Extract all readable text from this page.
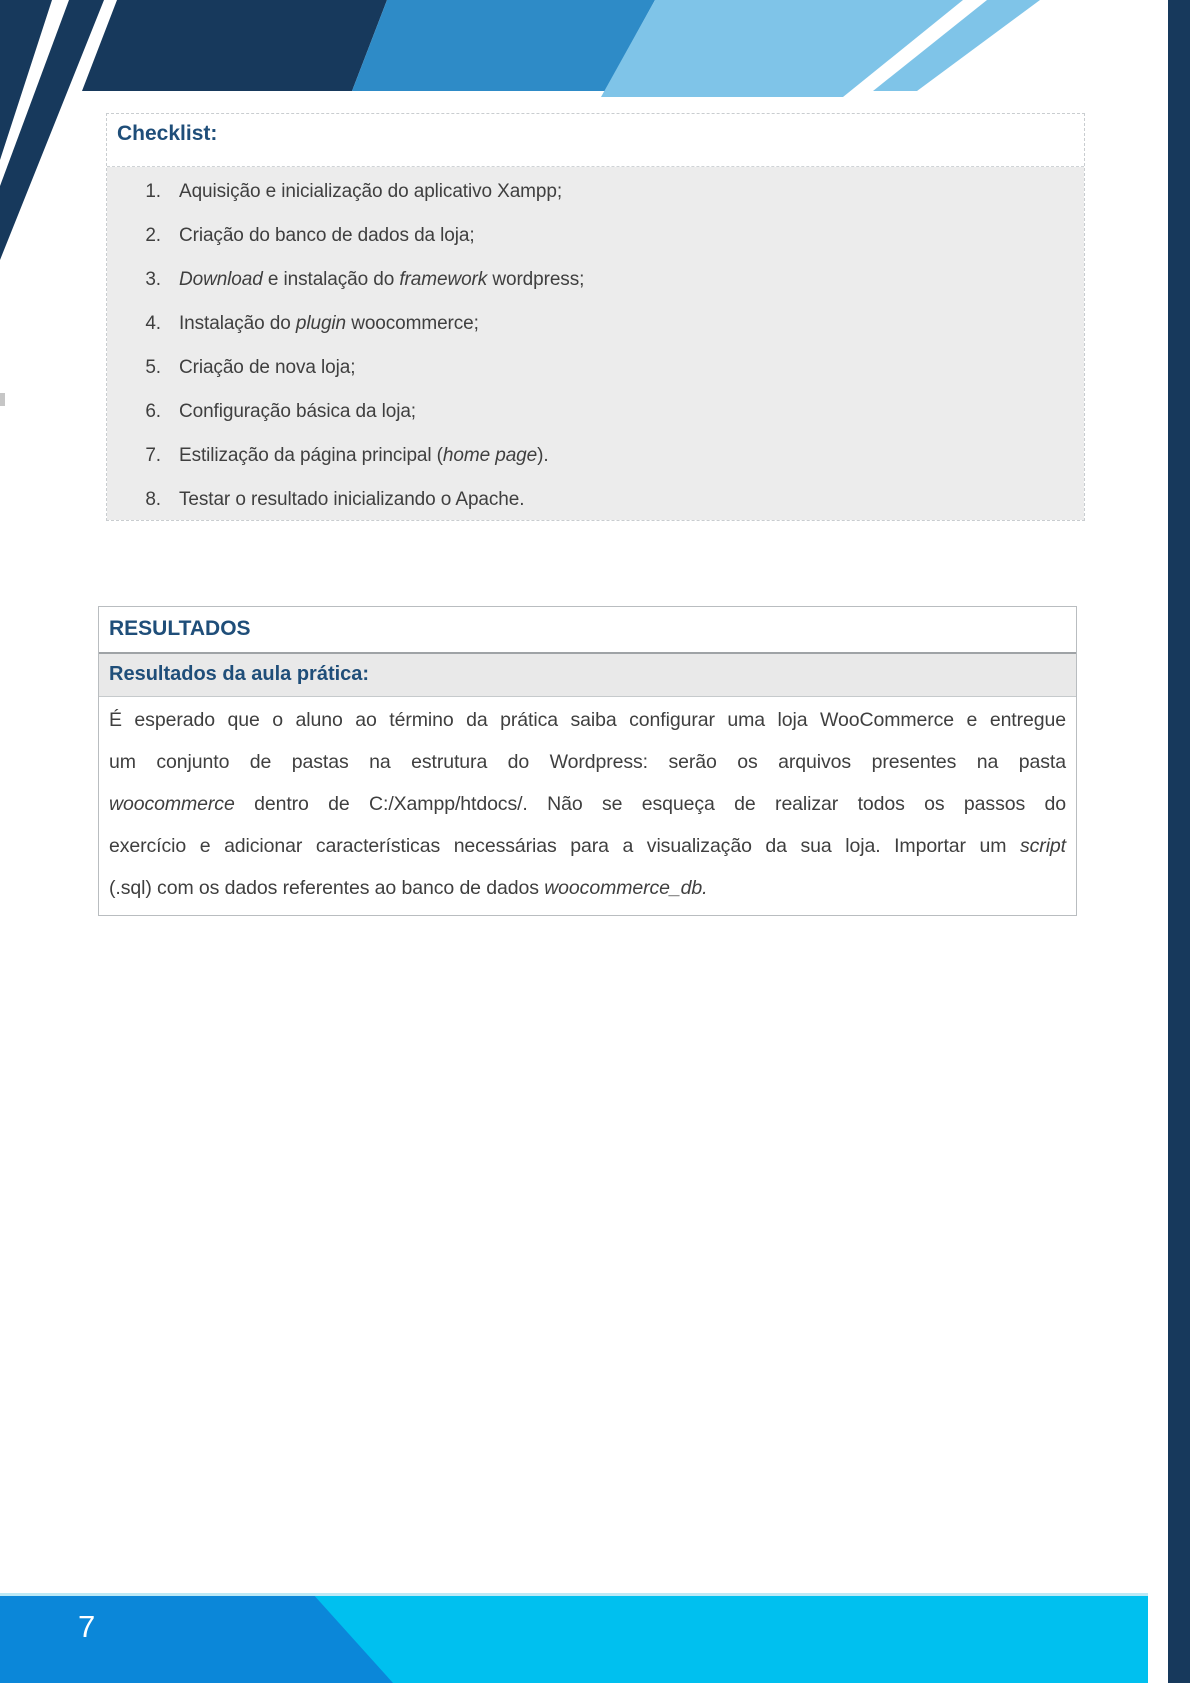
Checklist:
1. Aquisição e inicialização do aplicativo Xampp;
2. Criação do banco de dados da loja;
3. Download e instalação do framework wordpress;
4. Instalação do plugin woocommerce;
5. Criação de nova loja;
6. Configuração básica da loja;
7. Estilização da página principal (home page).
8. Testar o resultado inicializando o Apache.
RESULTADOS
Resultados da aula prática:
É esperado que o aluno ao término da prática saiba configurar uma loja WooCommerce e entregue
um conjunto de pastas na estrutura do Wordpress: serão os arquivos presentes na pasta
woocommerce dentro de C:/Xampp/htdocs/. Não se esqueça de realizar todos os passos do
exercício e adicionar características necessárias para a visualização da sua loja. Importar um script
(.sql) com os dados referentes ao banco de dados woocommerce_db.
7
